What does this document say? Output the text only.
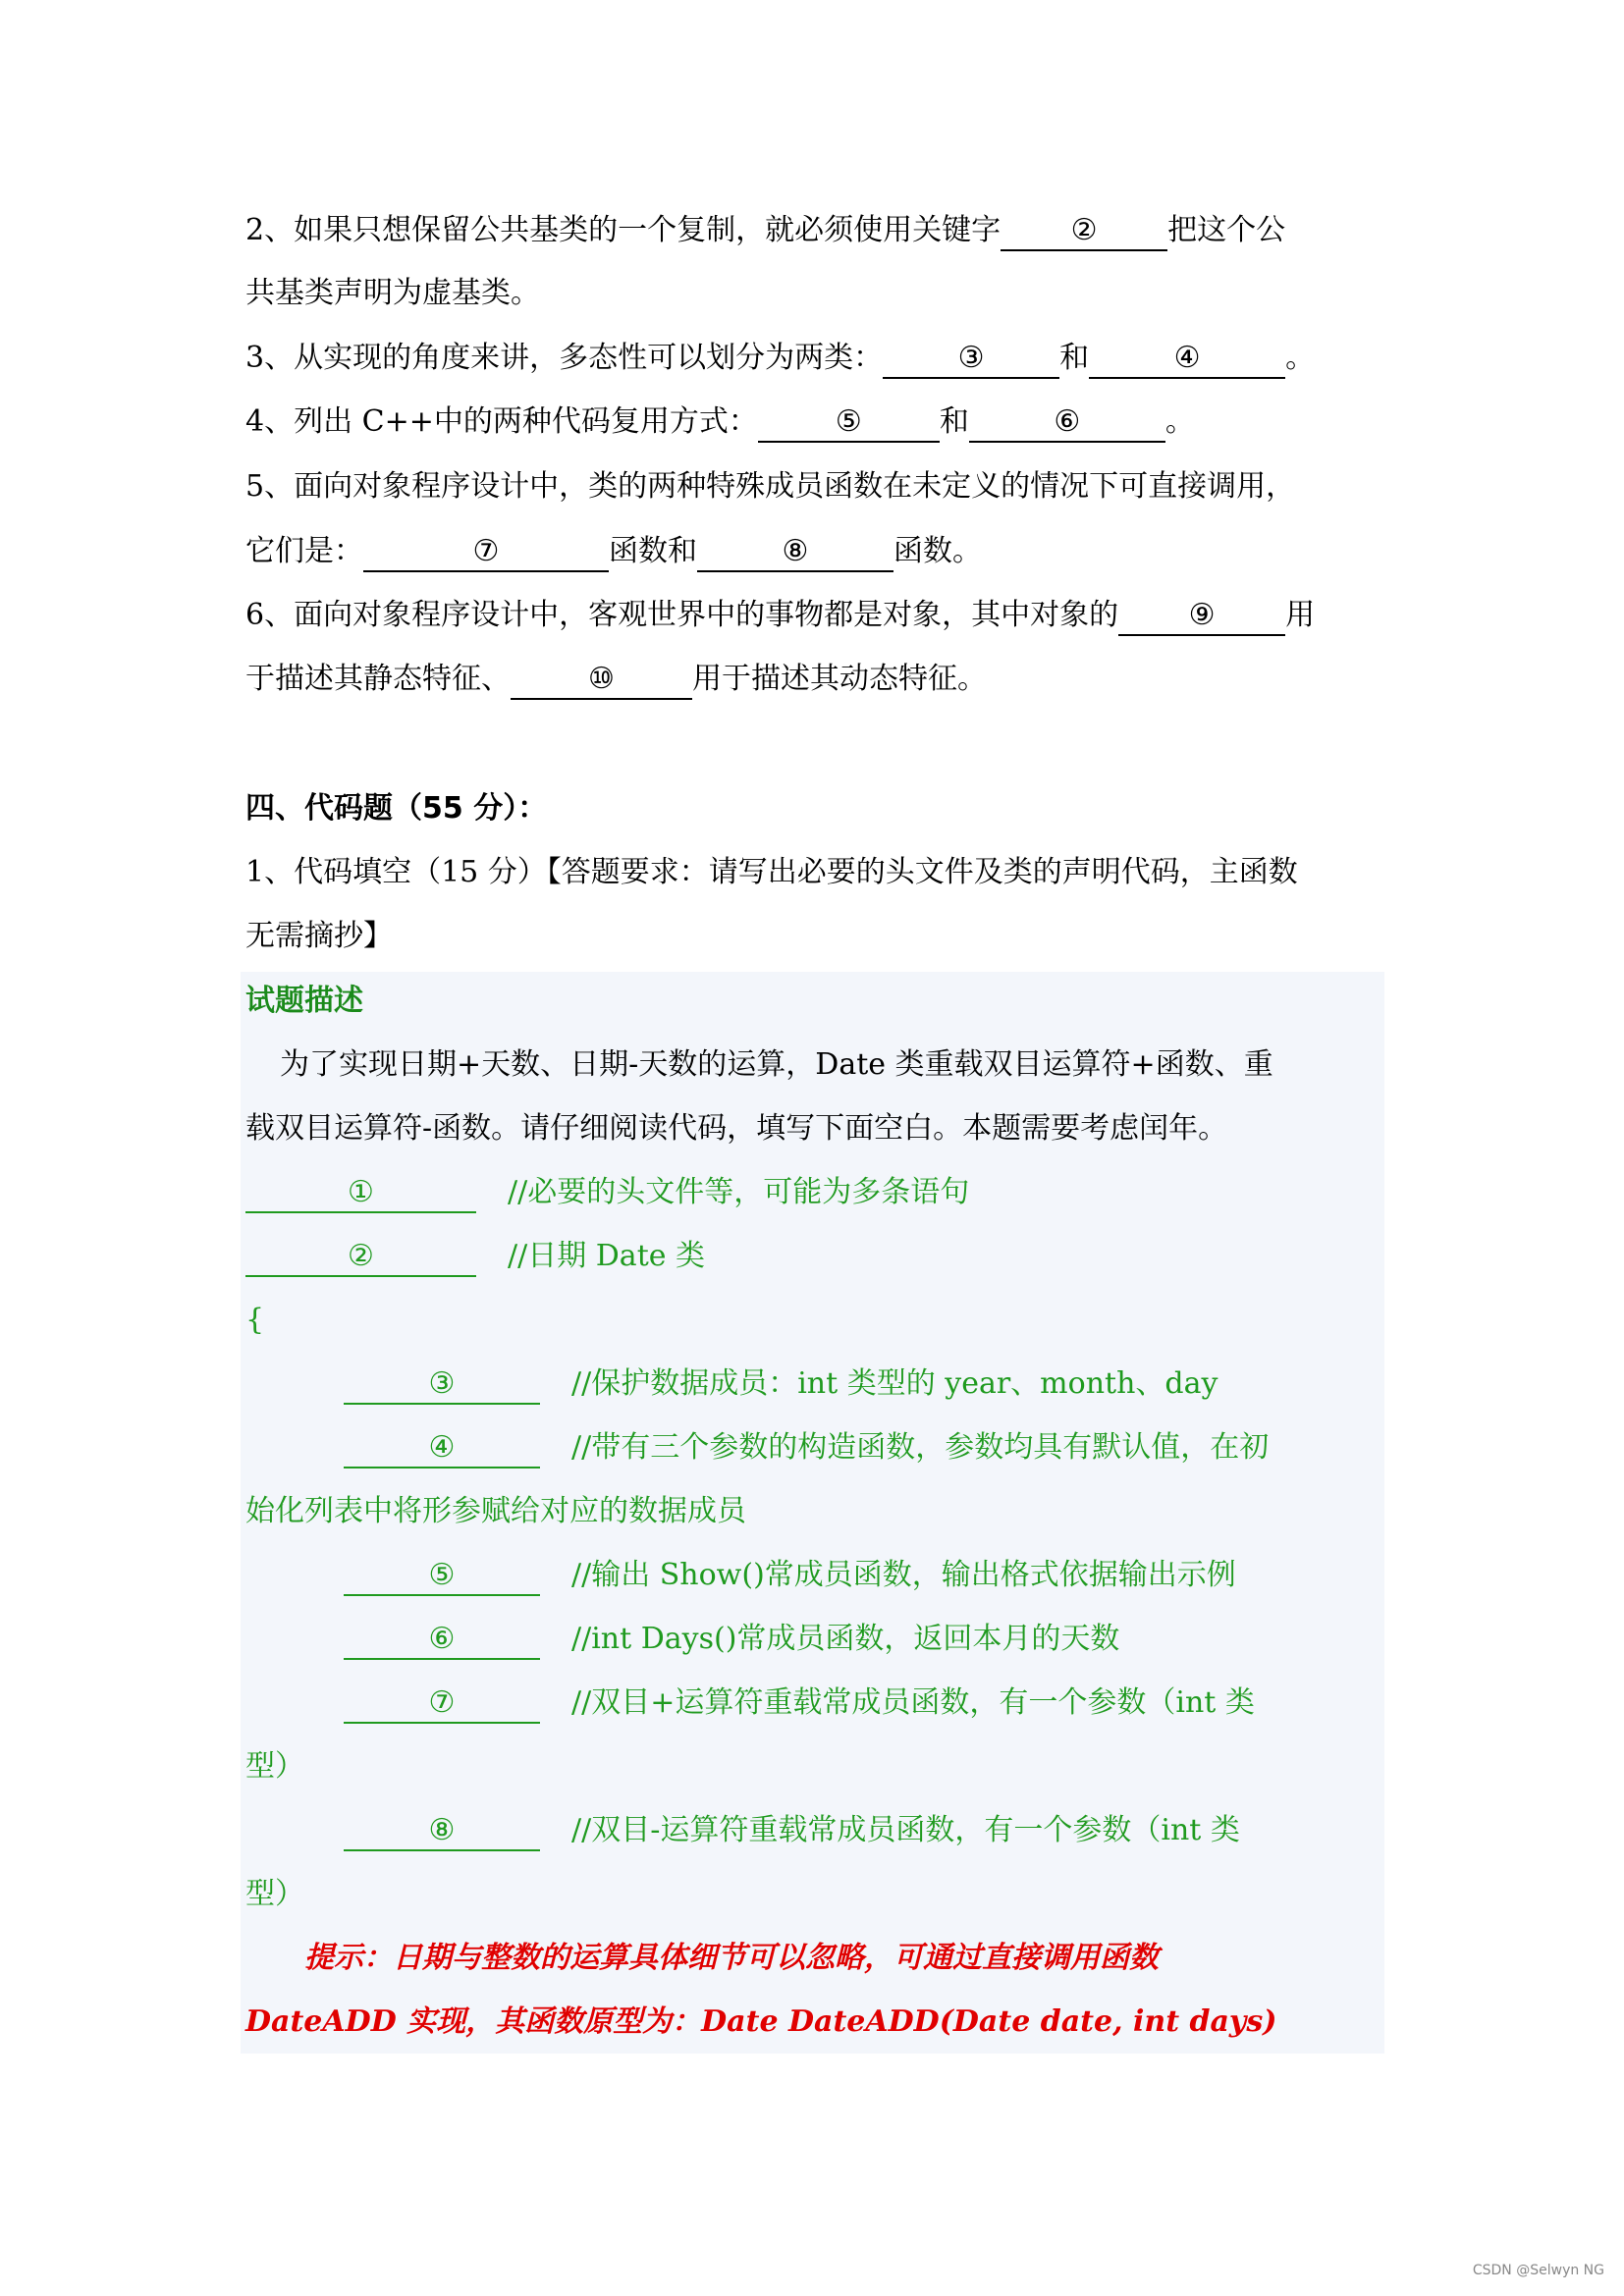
2、如果只想保留公共基类的一个复制，就必须使用关键字 ② 把这个公
共基类声明为虚基类。
3、从实现的角度来讲，多态性可以划分为两类：	③	和	④	。
4、列出 C++中的两种代码复用方式：	⑤	和	⑥	。
5、面向对象程序设计中，类的两种特殊成员函数在未定义的情况下可直接调用，
它们是：	⑦	函数和	⑧	函数。
6、面向对象程序设计中，客观世界中的事物都是对象，其中对象的 ⑨ 用
于描述其静态特征、	⑩	用于描述其动态特征。
四、代码题（55 分）：
1、代码填空（15 分）【答题要求：请写出必要的头文件及类的声明代码，主函数
无需摘抄】
试题描述
为了实现日期+天数、日期-天数的运算，Date 类重载双目运算符+函数、重
载双目运算符-函数。请仔细阅读代码，填写下面空白。本题需要考虑闰年。
①	//必要的头文件等，可能为多条语句
②	//日期 Date 类
{
③	//保护数据成员：int 类型的 year、month、day
④	//带有三个参数的构造函数，参数均具有默认值，在初
始化列表中将形参赋给对应的数据成员
⑤	//输出 Show()常成员函数，输出格式依据输出示例
⑥	//int Days()常成员函数，返回本月的天数
⑦	//双目+运算符重载常成员函数，有一个参数（int 类
型）
⑧	//双目-运算符重载常成员函数，有一个参数（int 类
型）
提示：日期与整数的运算具体细节可以忽略，可通过直接调用函数
DateADD 实现，其函数原型为：Date DateADD(Date date, int days)
CSDN @Selwyn NG
